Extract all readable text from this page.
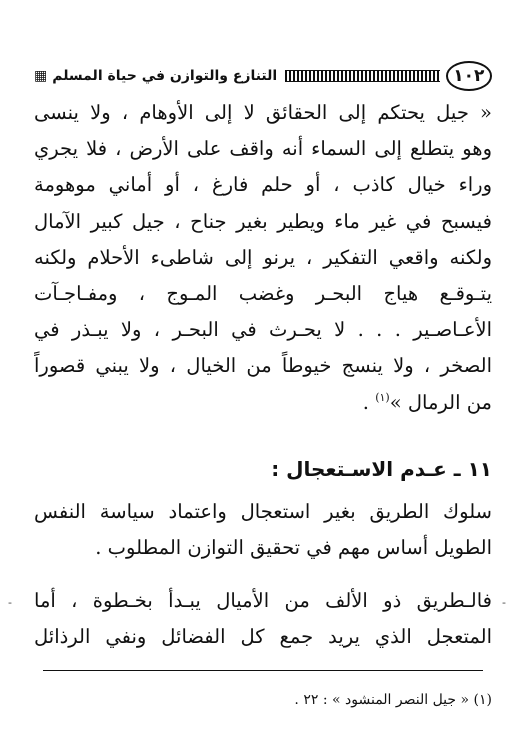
١٠٢
التنازع والتوازن في حياة المسلم
▦
« جيل يحتكم إلى الحقائق لا إلى الأوهام ، ولا ينسى
وهو يتطلع إلى السماء أنه واقف على الأرض ، فلا يجري
وراء خيال كاذب ، أو حلم فارغ ، أو أماني موهومة
فيسبح في غير ماء ويطير بغير جناح ، جيل كبير الآمال
ولكنه واقعي التفكير ، يرنو إلى شاطىء الأحلام ولكنه
يتـوقـع هياج البحـر وغضب المـوج ، ومفـاجـآت
الأعـاصـير . . . لا يحـرث في البحـر ، ولا يبـذر في
الصخر ، ولا ينسج خيوطاً من الخيال ، ولا يبني قصوراً
من الرمال »$^{(١)}$ .
١١ ـ عـدم الاسـتعجال :
سلوك الطريق بغير استعجال واعتماد سياسة النفس
الطويل أساس مهم في تحقيق التوازن المطلوب .
فالـطريق ذو الألف من الأميال يبـدأ بخـطوة ، أما
المتعجل الذي يريد جمع كل الفضائل ونفي الرذائل
(١) « جيل النصر المنشود » : ٢٢ .
-	-
